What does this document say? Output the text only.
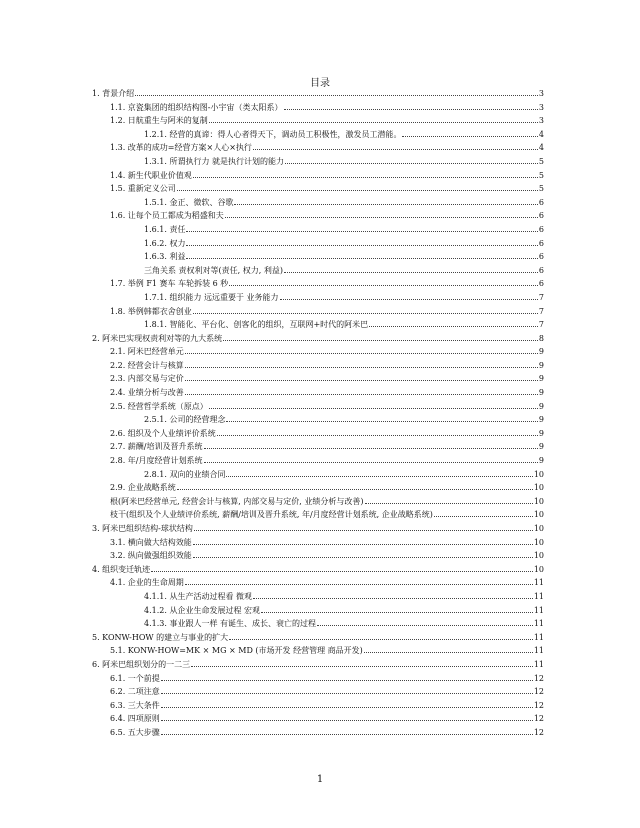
目录
1. 背景介绍	3
1.1. 京瓷集团的组织结构图-小宇宙（类太阳系）	3
1.2. 日航重生与阿米的复制	3
1.2.1. 经营的真谛：得人心者得天下，调动员工积极性，激发员工潜能。	4
1.3. 改革的成功=经营方案×人心×执行	4
1.3.1. 所谓执行力 就是执行计划的能力	5
1.4. 新生代职业价值观	5
1.5. 重新定义公司	5
1.5.1. 金正、微软、谷歌	6
1.6. 让每个员工都成为稻盛和夫	6
1.6.1. 责任	6
1.6.2. 权力	6
1.6.3. 利益	6
三角关系 责权利对等(责任, 权力, 利益)	6
1.7. 举例 F1 赛车 车轮拆装 6 秒	6
1.7.1. 组织能力 远远重要于 业务能力	7
1.8. 举例韩都衣舍创业	7
1.8.1. 智能化、平台化、创客化的组织，互联网+时代的阿米巴	7
2. 阿米巴实现权责利对等的九大系统	8
2.1. 阿米巴经营单元	9
2.2. 经营会计与核算	9
2.3. 内部交易与定价	9
2.4. 业绩分析与改善	9
2.5. 经营哲学系统（原点）	9
2.5.1. 公司的经营理念	9
2.6. 组织及个人业绩评价系统	9
2.7. 薪酬/培训及晋升系统	9
2.8. 年/月度经营计划系统	9
2.8.1. 双向的业绩合同	10
2.9. 企业战略系统	10
根(阿米巴经营单元, 经营会计与核算, 内部交易与定价, 业绩分析与改善)	10
枝干(组织及个人业绩评价系统, 薪酬/培训及晋升系统, 年/月度经营计划系统, 企业战略系统)	10
3. 阿米巴组织结构-球状结构	10
3.1. 横向做大结构效能	10
3.2. 纵向做强组织效能	10
4. 组织变迁轨迹	10
4.1. 企业的生命周期	11
4.1.1. 从生产活动过程看 微观	11
4.1.2. 从企业生命发展过程 宏观	11
4.1.3. 事业跟人一样 有诞生、成长、衰亡的过程	11
5. KONW-HOW 的建立与事业的扩大	11
5.1. KONW-HOW=MK × MG × MD (市场开发 经营管理 商品开发)	11
6. 阿米巴组织划分的一二三	11
6.1. 一个前提	12
6.2. 二项注意	12
6.3. 三大条件	12
6.4. 四项原则	12
6.5. 五大步骤	12
1
